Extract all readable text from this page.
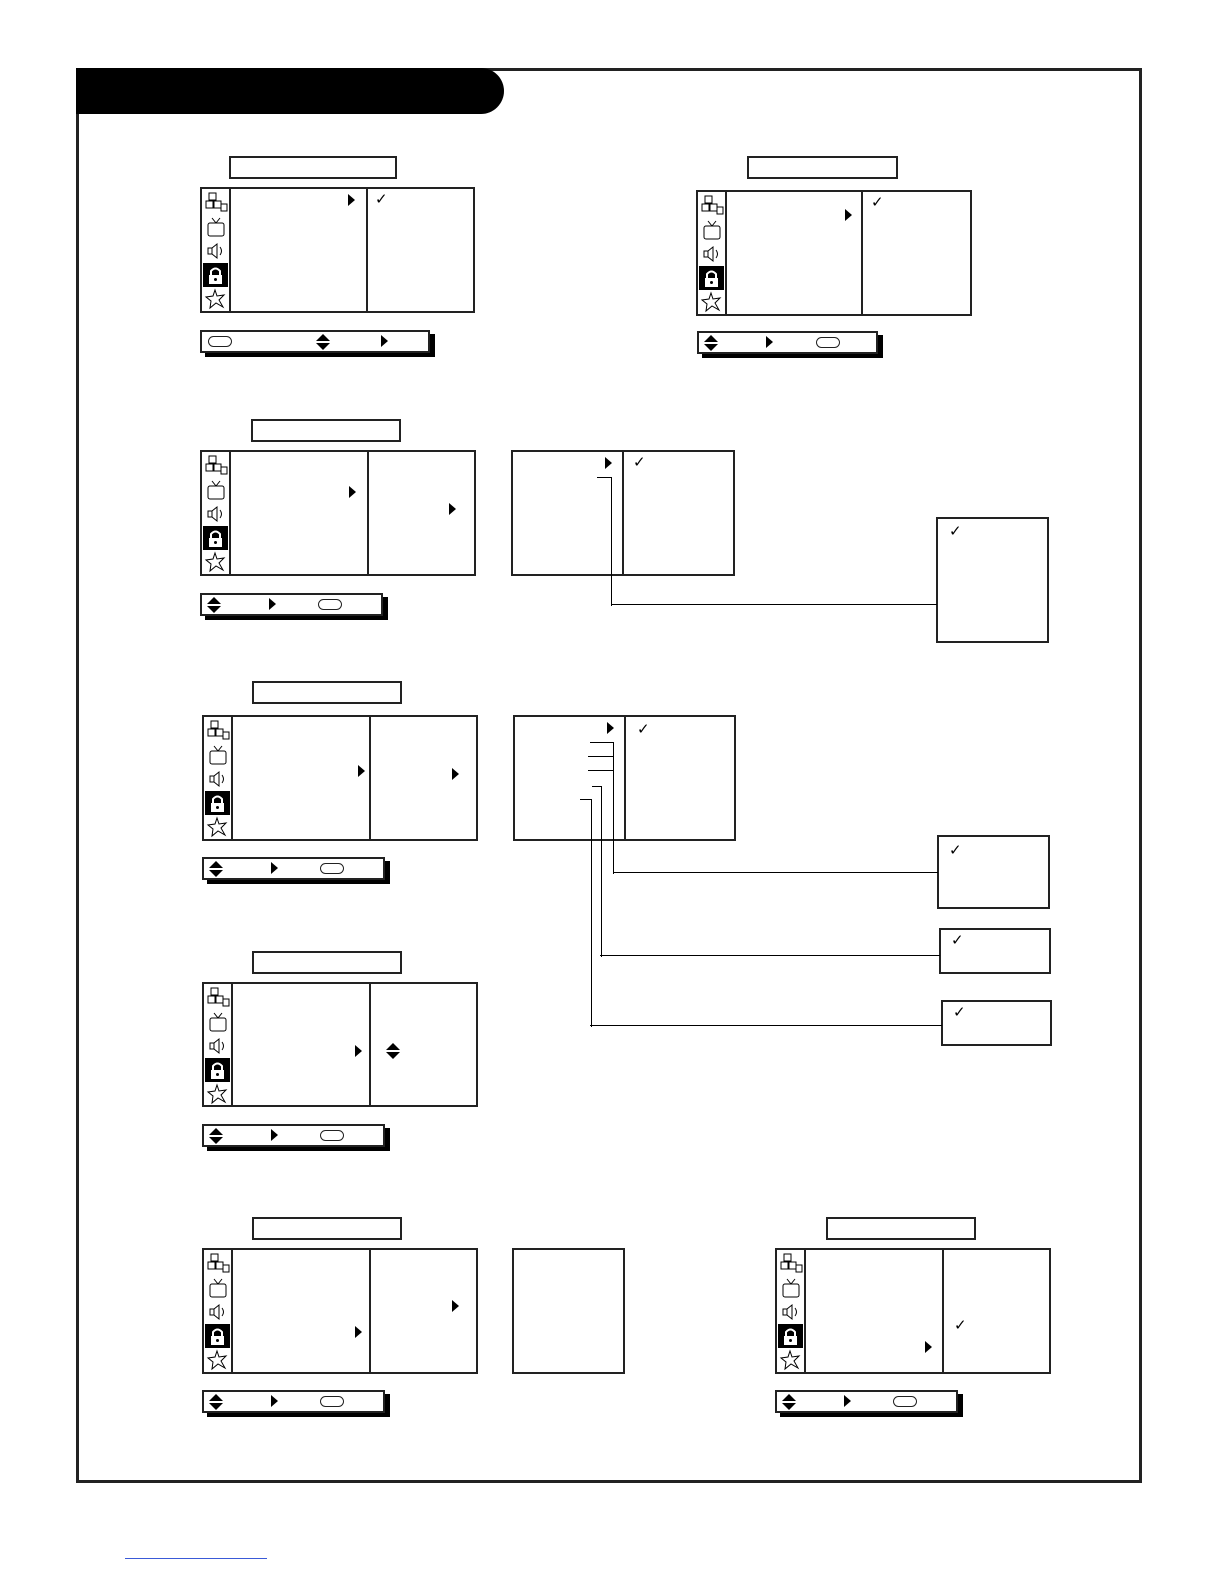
✓	✓
✓
✓
✓
✓
✓
✓
✓
